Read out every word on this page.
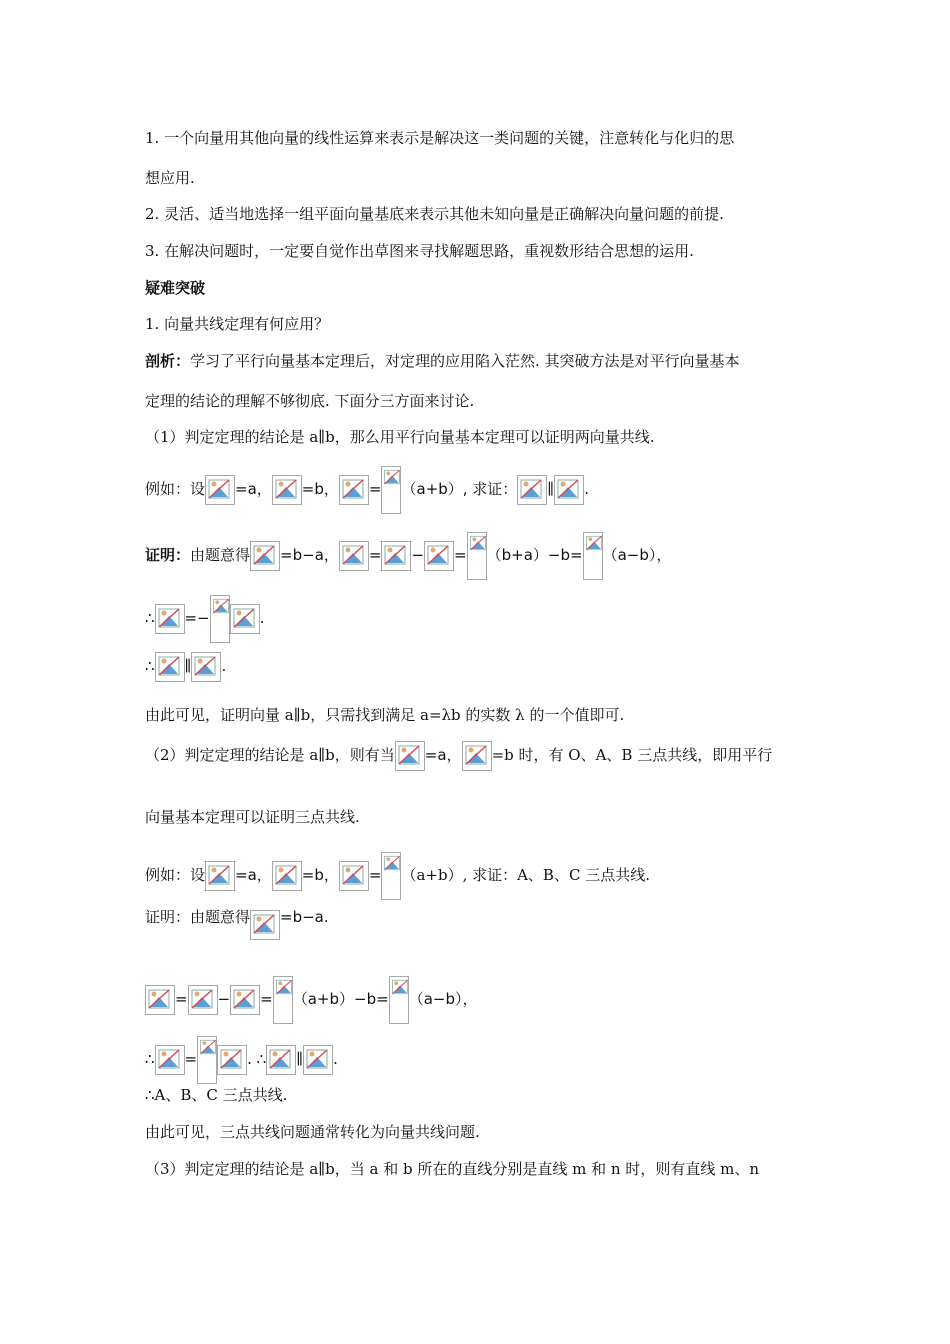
1. 一个向量用其他向量的线性运算来表示是解决这一类问题的关键，注意转化与化归的思
想应用.
2. 灵活、适当地选择一组平面向量基底来表示其他未知向量是正确解决向量问题的前提.
3. 在解决问题时，一定要自觉作出草图来寻找解题思路，重视数形结合思想的运用.
疑难突破
1. 向量共线定理有何应用？
剖析：学习了平行向量基本定理后，对定理的应用陷入茫然. 其突破方法是对平行向量基本
定理的结论的理解不够彻底. 下面分三方面来讨论.
（1）判定定理的结论是 a∥b，那么用平行向量基本定理可以证明两向量共线.
例如：设 =a， =b， = （a+b）, 求证： ∥ .
证明：由题意得 =b−a， = − = （b+a）−b= （a−b），
∴ =−	.
∴ ∥ .
由此可见，证明向量 a∥b，只需找到满足 a=λb 的实数 λ 的一个值即可.
（2）判定定理的结论是 a∥b，则有当 =a， =b 时，有 O、A、B 三点共线，即用平行
向量基本定理可以证明三点共线.
例如：设 =a， =b， = （a+b）, 求证：A、B、C 三点共线.
证明：由题意得 =b−a.
= − = （a+b）−b= （a−b），
∴ =	. ∴ ∥ .
∴A、B、C 三点共线.
由此可见，三点共线问题通常转化为向量共线问题.
（3）判定定理的结论是 a∥b，当 a 和 b 所在的直线分别是直线 m 和 n 时，则有直线 m、n
